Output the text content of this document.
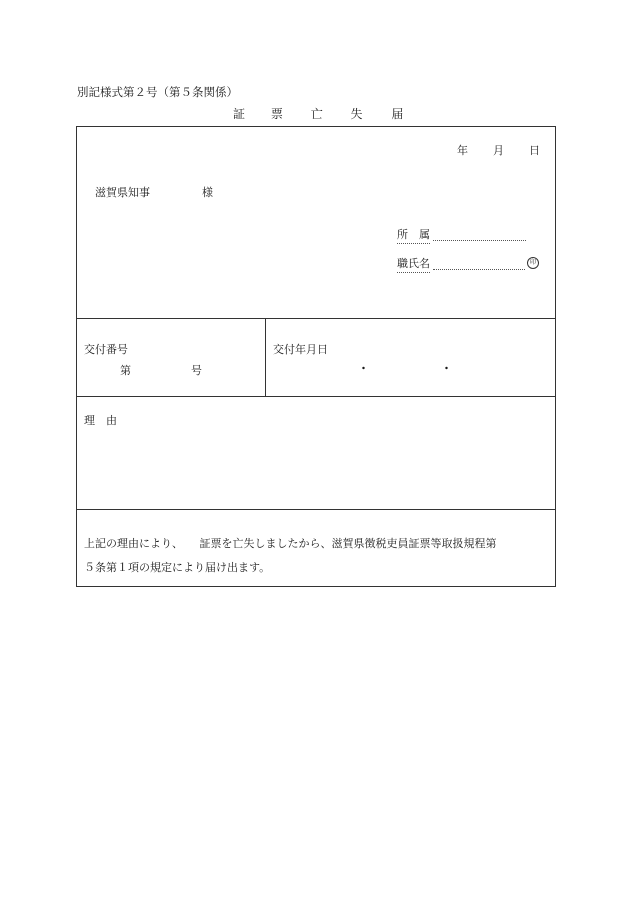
別記様式第２号（第５条関係）
証 票 亡 失 届
年 月 日
滋賀県知事	様
所　属
職氏名	印
交付番号
第	号
交付年月日
・	・
理　由
上記の理由により、　　証票を亡失しましたから、滋賀県徴税吏員証票等取扱規程第
５条第１項の規定により届け出ます。
